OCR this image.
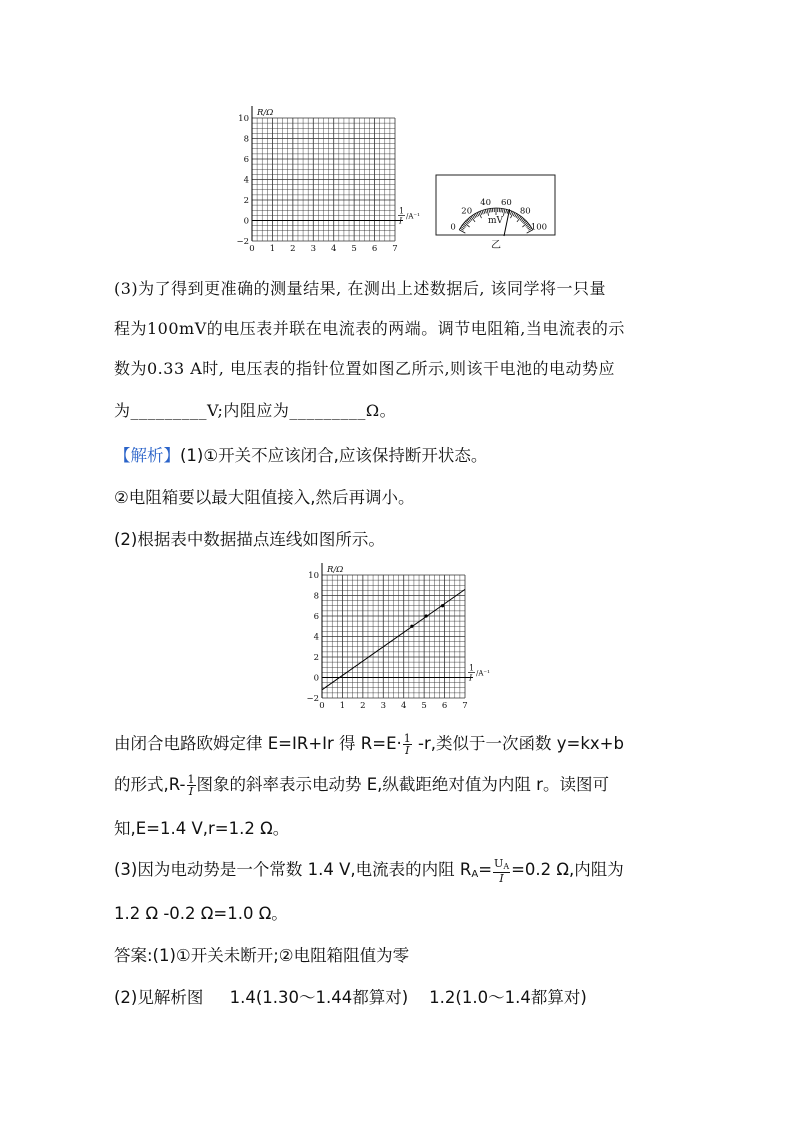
R/Ω
10
8
6
4
2
0
−2
0 1 2 3 4 5 6 7
1
I /A⁻¹
0
20
40 60
80
100
mV
乙
(3)为了得到更准确的测量结果, 在测出上述数据后, 该同学将一只量
程为100mV的电压表并联在电流表的两端。调节电阻箱,当电流表的示
数为0.33 A时, 电压表的指针位置如图乙所示,则该干电池的电动势应
为_________V;内阻应为_________Ω。
【解析】(1)①开关不应该闭合,应该保持断开状态。
②电阻箱要以最大阻值接入,然后再调小。
(2)根据表中数据描点连线如图所示。
R/Ω
10
8
6
4
2
0
−2
0 1 2 3 4 5 6 7
1
I /A⁻¹
由闭合电路欧姆定律 E=IR+Ir 得 $R=E\cdot \frac{1}{I} -r$,类似于一次函数 y=kx+b
的形式$,R- \frac{1}{I}$ 图象的斜率表示电动势 E,纵截距绝对值为内阻 r。读图可
知,E=1.4 V,r=1.2 Ω。
(3)因为电动势是一个常数 1.4 V,电流表的内阻 $R_A= \frac{U_A}{I} =0.2$ Ω,内阻为
1.2 Ω -0.2 Ω=1.0 Ω。
答案:(1)①开关未断开;②电阻箱阻值为零
(2)见解析图     1.4(1.30～1.44都算对)    1.2(1.0～1.4都算对)
